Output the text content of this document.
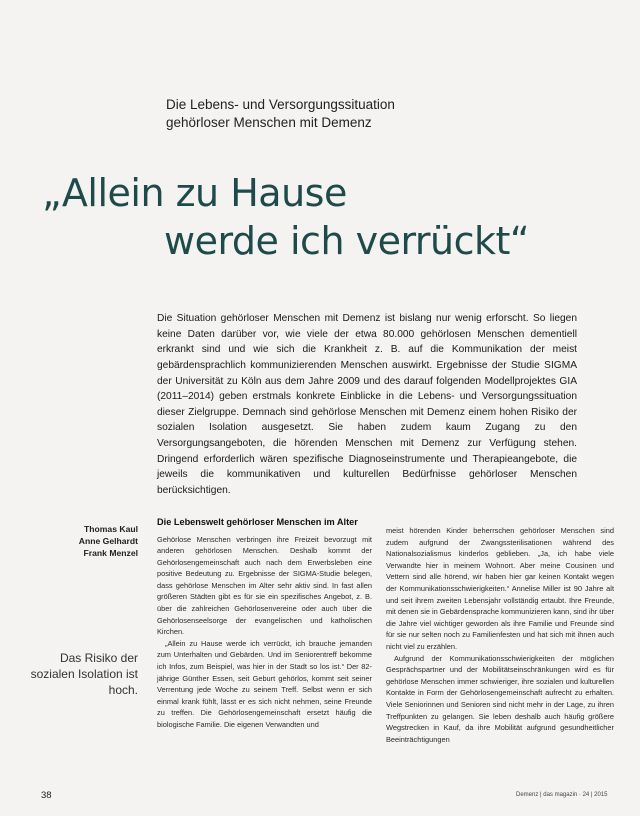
Die Lebens- und Versorgungssituation
gehörloser Menschen mit Demenz
„Allein zu Hause
werde ich verrückt“

Die Situation gehörloser Menschen mit Demenz ist bislang nur wenig erforscht. So liegen keine Daten darüber vor, wie viele der etwa 80.000 gehörlosen Menschen dementiell erkrankt sind und wie sich die Krankheit z. B. auf die Kommunikation der meist gebärdensprachlich kommunizierenden Menschen auswirkt. Ergebnisse der Studie SIGMA der Universität zu Köln aus dem Jahre 2009 und des darauf folgenden Modellprojektes GIA (2011–2014) geben erstmals konkrete Einblicke in die Lebens- und Versorgungssituation dieser Zielgruppe. Demnach sind gehörlose Menschen mit Demenz einem hohen Risiko der sozialen Isolation ausgesetzt. Sie haben zudem kaum Zugang zu den Versorgungsangeboten, die hörenden Menschen mit Demenz zur Verfügung stehen. Dringend erforderlich wären spezifische Diagnoseinstrumente und Therapieangebote, die jeweils die kommunikativen und kulturellen Bedürfnisse gehörloser Menschen berücksichtigen.

Thomas Kaul
Anne Gelhardt
Frank Menzel
Das Risiko der sozialen Isolation ist hoch.
Die Lebenswelt gehörloser Menschen im Alter

Gehörlose Menschen verbringen ihre Freizeit bevorzugt mit anderen gehörlosen Menschen. Deshalb kommt der Gehörlosengemeinschaft auch nach dem Erwerbsleben eine positive Bedeutung zu. Ergebnisse der SIGMA-Studie belegen, dass gehörlose Menschen im Alter sehr aktiv sind. In fast allen größeren Städten gibt es für sie ein spezifisches Angebot, z. B. über die zahlreichen Gehörlosenvereine oder auch über die Gehörlosenseelsorge der evangelischen und katholischen Kirchen.

„Allein zu Hause werde ich verrückt, ich brauche jemanden zum Unterhalten und Gebärden. Und im Seniorentreff bekomme ich Infos, zum Beispiel, was hier in der Stadt so los ist.“ Der 82-jährige Günther Essen, seit Geburt gehörlos, kommt seit seiner Verrentung jede Woche zu seinem Treff. Selbst wenn er sich einmal krank fühlt, lässt er es sich nicht nehmen, seine Freunde zu treffen. Die Gehörlosengemeinschaft ersetzt häufig die biologische Familie. Die eigenen Verwandten und

meist hörenden Kinder beherrschen gehörloser Menschen sind zudem aufgrund der Zwangssterilisationen während des Nationalsozialismus kinderlos geblieben. „Ja, ich habe viele Verwandte hier in meinem Wohnort. Aber meine Cousinen und Vettern sind alle hörend, wir haben hier gar keinen Kontakt wegen der Kommunikationsschwierigkeiten.“ Annelise Miller ist 90 Jahre alt und seit ihrem zweiten Lebensjahr vollständig ertaubt. Ihre Freunde, mit denen sie in Gebärdensprache kommunizieren kann, sind ihr über die Jahre viel wichtiger geworden als ihre Familie und Freunde sind für sie nur selten noch zu Familienfesten und hat sich mit ihnen auch nicht viel zu erzählen.

Aufgrund der Kommunikationsschwierigkeiten der möglichen Gesprächspartner und der Mobilitätseinschränkungen wird es für gehörlose Menschen immer schwieriger, ihre sozialen und kulturellen Kontakte in Form der Gehörlosengemeinschaft aufrecht zu erhalten. Viele Seniorinnen und Senioren sind nicht mehr in der Lage, zu ihren Treffpunkten zu gelangen. Sie leben deshalb auch häufig größere Wegstrecken in Kauf, da ihre Mobilität aufgrund gesundheitlicher Beeinträchtigungen

38	Demenz | das magazin · 24 | 2015
